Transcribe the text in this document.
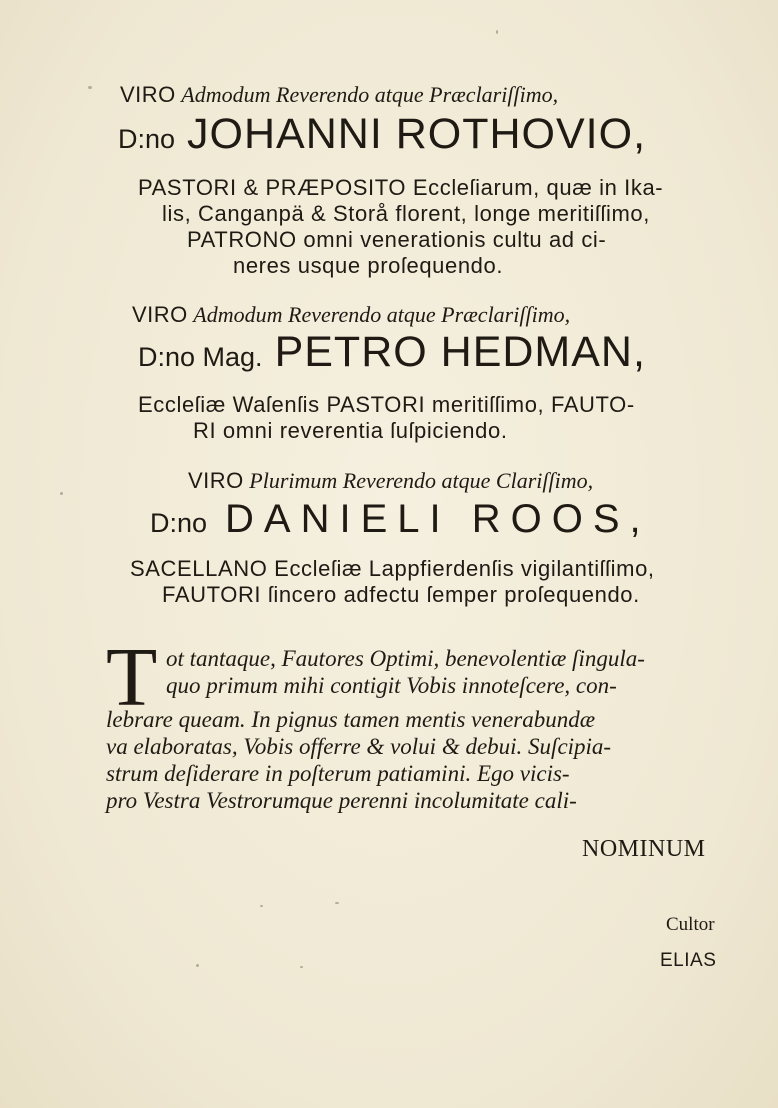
VIRO Admodum Reverendo atque Præclariſſimo,
D:no JOHANNI ROTHOVIO,
PASTORI & PRÆPOSITO Eccleſiarum, quæ in Ika-
lis, Canganpä & Storå florent, longe meritiſſimo,
PATRONO omni venerationis cultu ad ci-
neres usque proſequendo.
VIRO Admodum Reverendo atque Præclariſſimo,
D:no Mag. PETRO HEDMAN,
Eccleſiæ Waſenſis PASTORI meritiſſimo, FAUTO-
RI omni reverentia ſuſpiciendo.
VIRO Plurimum Reverendo atque Clariſſimo,
D:no DANIELI ROOS,
SACELLANO Eccleſiæ Lappfierdenſis vigilantiſſimo,
FAUTORI ſincero adfectu ſemper proſequendo.
T ot tantaque, Fautores Optimi, benevolentiæ ſingula-
quo primum mihi contigit Vobis innoteſcere, con-
lebrare queam. In pignus tamen mentis venerabundæ
va elaboratas, Vobis offerre & volui & debui. Suſcipia-
strum deſiderare in poſterum patiamini. Ego vicis-
pro Vestra Vestrorumque perenni incolumitate cali-
NOMINUM
Cultor
ELIAS
